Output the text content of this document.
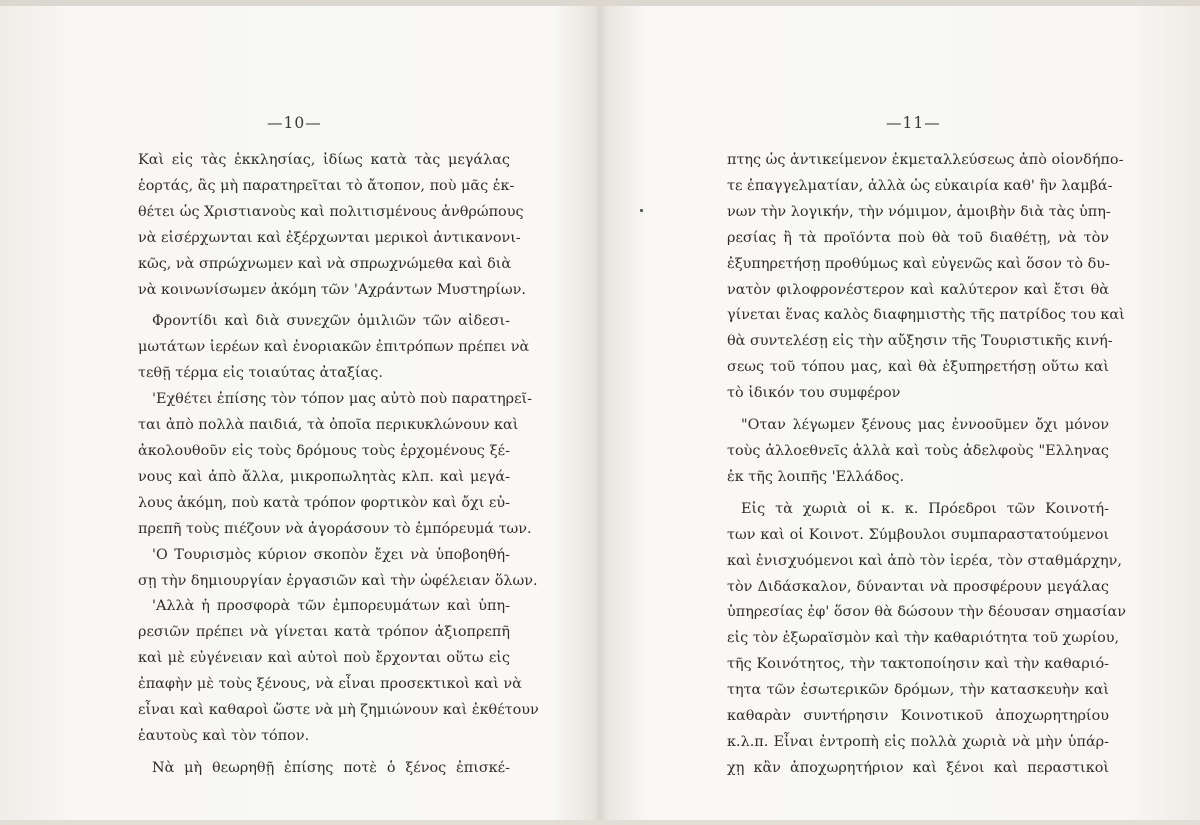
—10—
Καὶ εἰς τὰς ἐκκλησίας, ἰδίως κατὰ τὰς μεγάλας
ἑορτάς, ἂς μὴ παρατηρεῖται τὸ ἄτοπον, ποὺ μᾶς ἐκ-
θέτει ὡς Χριστιανοὺς καὶ πολιτισμένους ἀνθρώπους
νὰ εἰσέρχωνται καὶ ἐξέρχωνται μερικοὶ ἀντικανονι-
κῶς, νὰ σπρώχνωμεν καὶ νὰ σπρωχνώμεθα καὶ διὰ
νὰ κοινωνίσωμεν ἀκόμη τῶν 'Αχράντων Μυστηρίων.
Φροντίδι καὶ διὰ συνεχῶν ὁμιλιῶν τῶν αἰδεσι-
μωτάτων ἱερέων καὶ ἐνοριακῶν ἐπιτρόπων πρέπει νὰ
τεθῇ τέρμα εἰς τοιαύτας ἀταξίας.
'Εχθέτει ἐπίσης τὸν τόπον μας αὐτὸ ποὺ παρατηρεῖ-
ται ἀπὸ πολλὰ παιδιά, τὰ ὁποῖα περικυκλώνουν καὶ
ἀκολουθοῦν εἰς τοὺς δρόμους τοὺς ἐρχομένους ξέ-
νους καὶ ἀπὸ ἄλλα, μικροπωλητὰς κλπ. καὶ μεγά-
λους ἀκόμη, ποὺ κατὰ τρόπον φορτικὸν καὶ ὄχι εὐ-
πρεπῆ τοὺς πιέζουν νὰ ἀγοράσουν τὸ ἐμπόρευμά των.
'Ο Τουρισμὸς κύριον σκοπὸν ἔχει νὰ ὑποβοηθή-
σῃ τὴν δημιουργίαν ἐργασιῶν καὶ τὴν ὠφέλειαν ὅλων.
'Αλλὰ ἡ προσφορὰ τῶν ἐμπορευμάτων καὶ ὑπη-
ρεσιῶν πρέπει νὰ γίνεται κατὰ τρόπον ἀξιοπρεπῆ
καὶ μὲ εὐγένειαν καὶ αὐτοὶ ποὺ ἔρχονται οὕτω εἰς
ἐπαφὴν μὲ τοὺς ξένους, νὰ εἶναι προσεκτικοὶ καὶ νὰ
εἶναι καὶ καθαροὶ ὥστε νὰ μὴ ζημιώνουν καὶ ἐκθέτουν
ἑαυτοὺς καὶ τὸν τόπον.
Νὰ μὴ θεωρηθῇ ἐπίσης ποτὲ ὁ ξένος ἐπισκέ-
—11—
πτης ὡς ἀντικείμενον ἐκμεταλλεύσεως ἀπὸ οἱονδήπο-
τε ἐπαγγελματίαν, ἀλλὰ ὡς εὐκαιρία καθ' ἣν λαμβά-
νων τὴν λογικήν, τὴν νόμιμον, ἀμοιβὴν διὰ τὰς ὑπη-
ρεσίας ἢ τὰ προϊόντα ποὺ θὰ τοῦ διαθέτῃ, νὰ τὸν
ἐξυπηρετήσῃ προθύμως καὶ εὐγενῶς καὶ ὅσον τὸ δυ-
νατὸν φιλοφρονέστερον καὶ καλύτερον καὶ ἔτσι θὰ
γίνεται ἕνας καλὸς διαφημιστὴς τῆς πατρίδος του καὶ
θὰ συντελέσῃ εἰς τὴν αὔξησιν τῆς Τουριστικῆς κινή-
σεως τοῦ τόπου μας, καὶ θὰ ἐξυπηρετήσῃ οὕτω καὶ
τὸ ἰδικόν του συμφέρον
"Οταν λέγωμεν ξένους μας ἐννοοῦμεν ὄχι μόνον
τοὺς ἀλλοεθνεῖς ἀλλὰ καὶ τοὺς ἀδελφοὺς "Ελληνας
ἐκ τῆς λοιπῆς 'Ελλάδος.
Εἰς τὰ χωριὰ οἱ κ. κ. Πρόεδροι τῶν Κοινοτή-
των καὶ οἱ Κοινοτ. Σύμβουλοι συμπαραστατούμενοι
καὶ ἐνισχυόμενοι καὶ ἀπὸ τὸν ἱερέα, τὸν σταθμάρχην,
τὸν Διδάσκαλον, δύνανται νὰ προσφέρουν μεγάλας
ὑπηρεσίας ἐφ' ὅσον θὰ δώσουν τὴν δέουσαν σημασίαν
εἰς τὸν ἐξωραϊσμὸν καὶ τὴν καθαριότητα τοῦ χωρίου,
τῆς Κοινότητος, τὴν τακτοποίησιν καὶ τὴν καθαριό-
τητα τῶν ἐσωτερικῶν δρόμων, τὴν κατασκευὴν καὶ
καθαρὰν συντήρησιν Κοινοτικοῦ ἀποχωρητηρίου
κ.λ.π. Εἶναι ἐντροπὴ εἰς πολλὰ χωριὰ νὰ μὴν ὑπάρ-
χῃ κἂν ἀποχωρητήριον καὶ ξένοι καὶ περαστικοὶ
